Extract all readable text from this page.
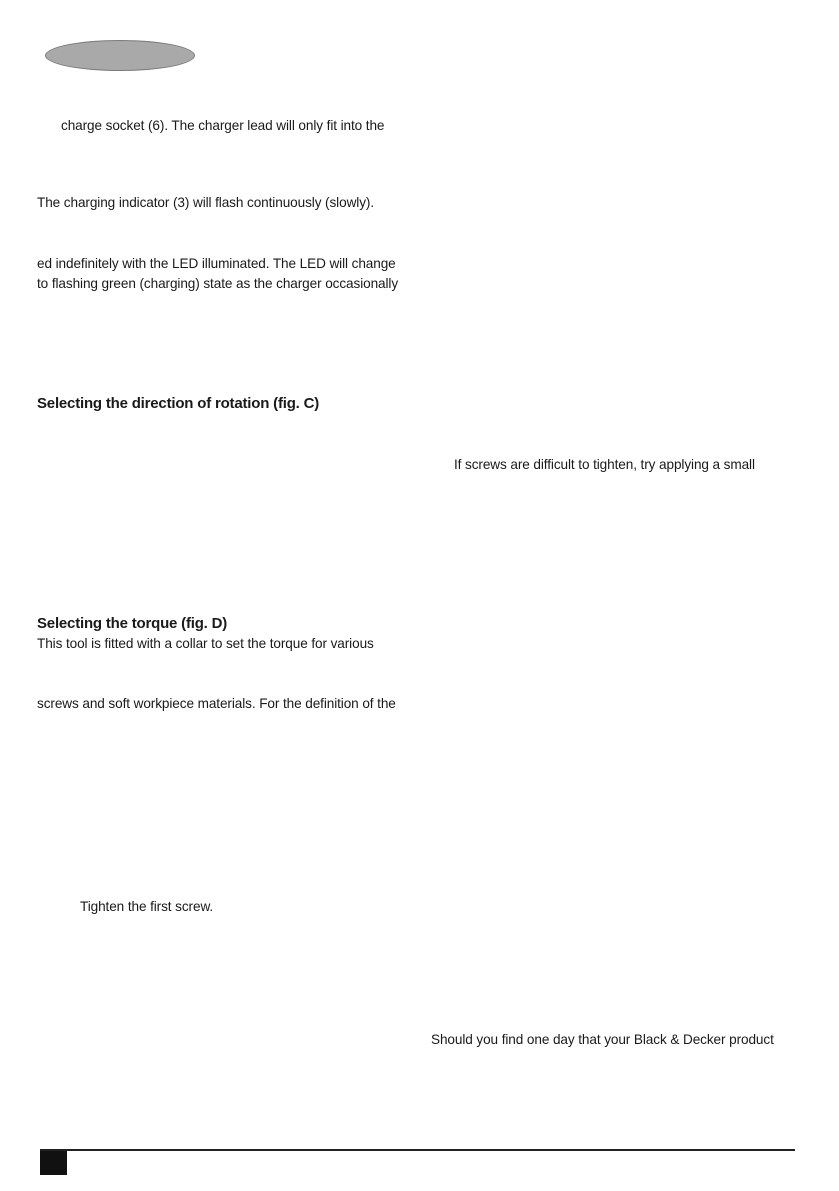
charge socket (6). The charger lead will only fit into the
The charging indicator (3) will flash continuously (slowly).
ed indefinitely with the LED illuminated. The LED will change
to flashing green (charging) state as the charger occasionally
Selecting the direction of rotation (fig. C)
If screws are difficult to tighten, try applying a small
Selecting the torque (fig. D)
This tool is fitted with a collar to set the torque for various
screws and soft workpiece materials. For the definition of the
Tighten the first screw.
Should you find one day that your Black & Decker product
